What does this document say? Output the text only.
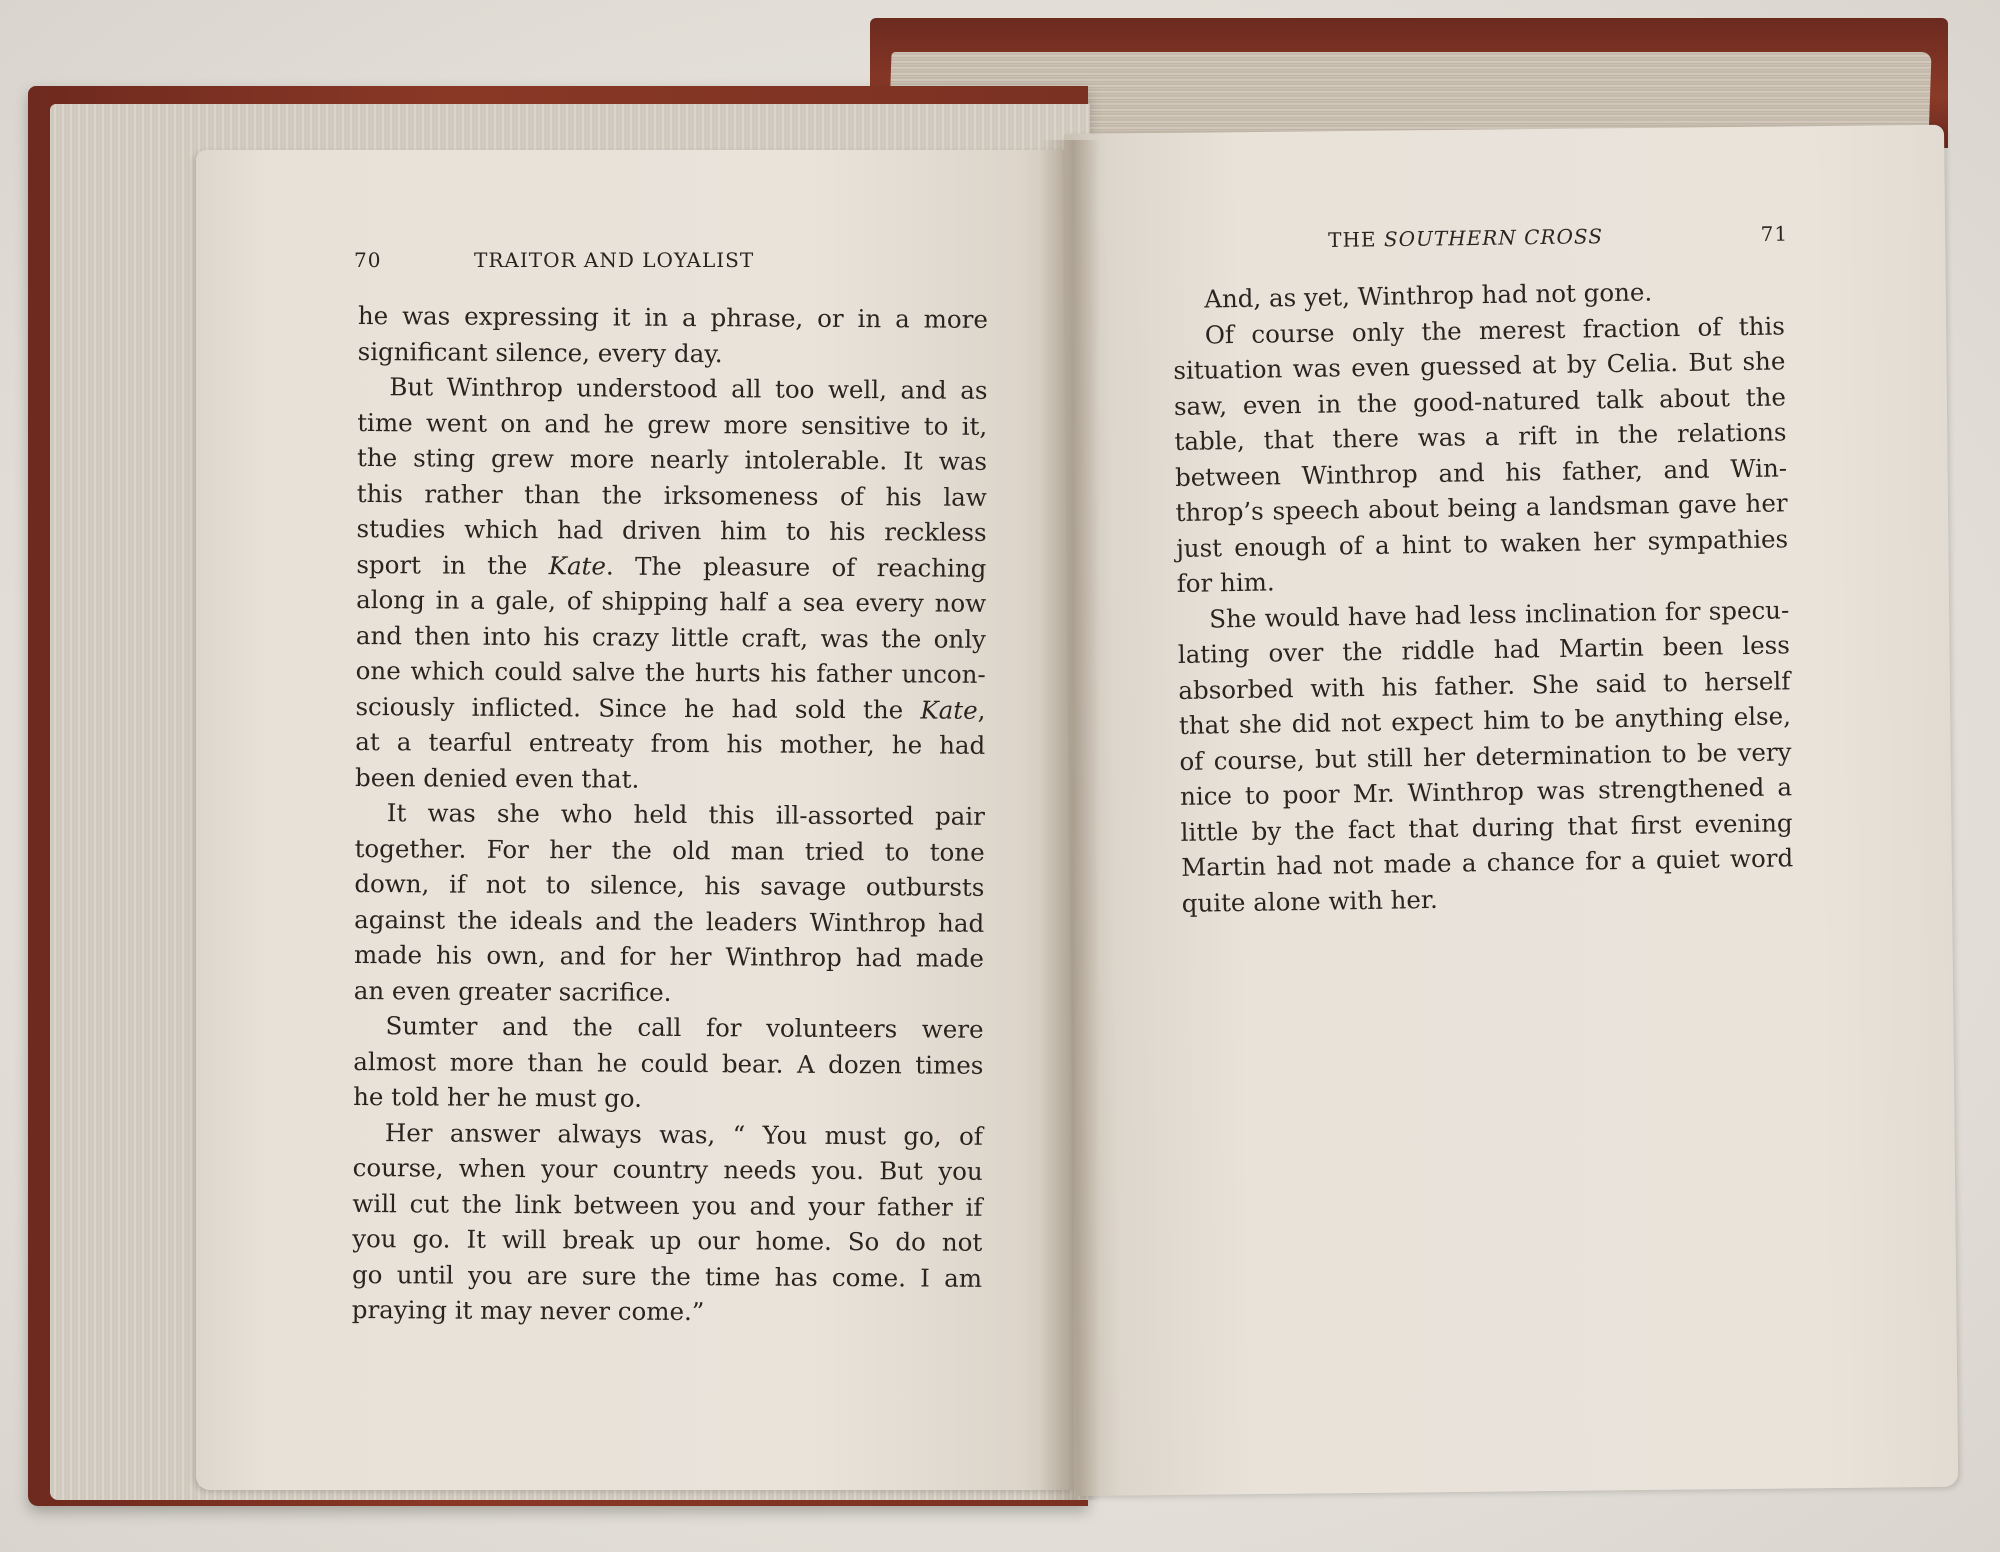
70	TRAITOR AND LOYALIST
THE SOUTHERN CROSS	71
he was expressing it in a phrase, or in a more
significant silence, every day.
But Winthrop understood all too well, and as
time went on and he grew more sensitive to it,
the sting grew more nearly intolerable. It was
this rather than the irksomeness of his law
studies which had driven him to his reckless
sport in the Kate. The pleasure of reaching
along in a gale, of shipping half a sea every now
and then into his crazy little craft, was the only
one which could salve the hurts his father uncon-
sciously inflicted. Since he had sold the Kate,
at a tearful entreaty from his mother, he had
been denied even that.
It was she who held this ill-assorted pair
together. For her the old man tried to tone
down, if not to silence, his savage outbursts
against the ideals and the leaders Winthrop had
made his own, and for her Winthrop had made
an even greater sacrifice.
Sumter and the call for volunteers were
almost more than he could bear. A dozen times
he told her he must go.
Her answer always was, “ You must go, of
course, when your country needs you. But you
will cut the link between you and your father if
you go. It will break up our home. So do not
go until you are sure the time has come. I am
praying it may never come.”
And, as yet, Winthrop had not gone.
Of course only the merest fraction of this
situation was even guessed at by Celia. But she
saw, even in the good-natured talk about the
table, that there was a rift in the relations
between Winthrop and his father, and Win-
throp’s speech about being a landsman gave her
just enough of a hint to waken her sympathies
for him.
She would have had less inclination for specu-
lating over the riddle had Martin been less
absorbed with his father. She said to herself
that she did not expect him to be anything else,
of course, but still her determination to be very
nice to poor Mr. Winthrop was strengthened a
little by the fact that during that first evening
Martin had not made a chance for a quiet word
quite alone with her.
